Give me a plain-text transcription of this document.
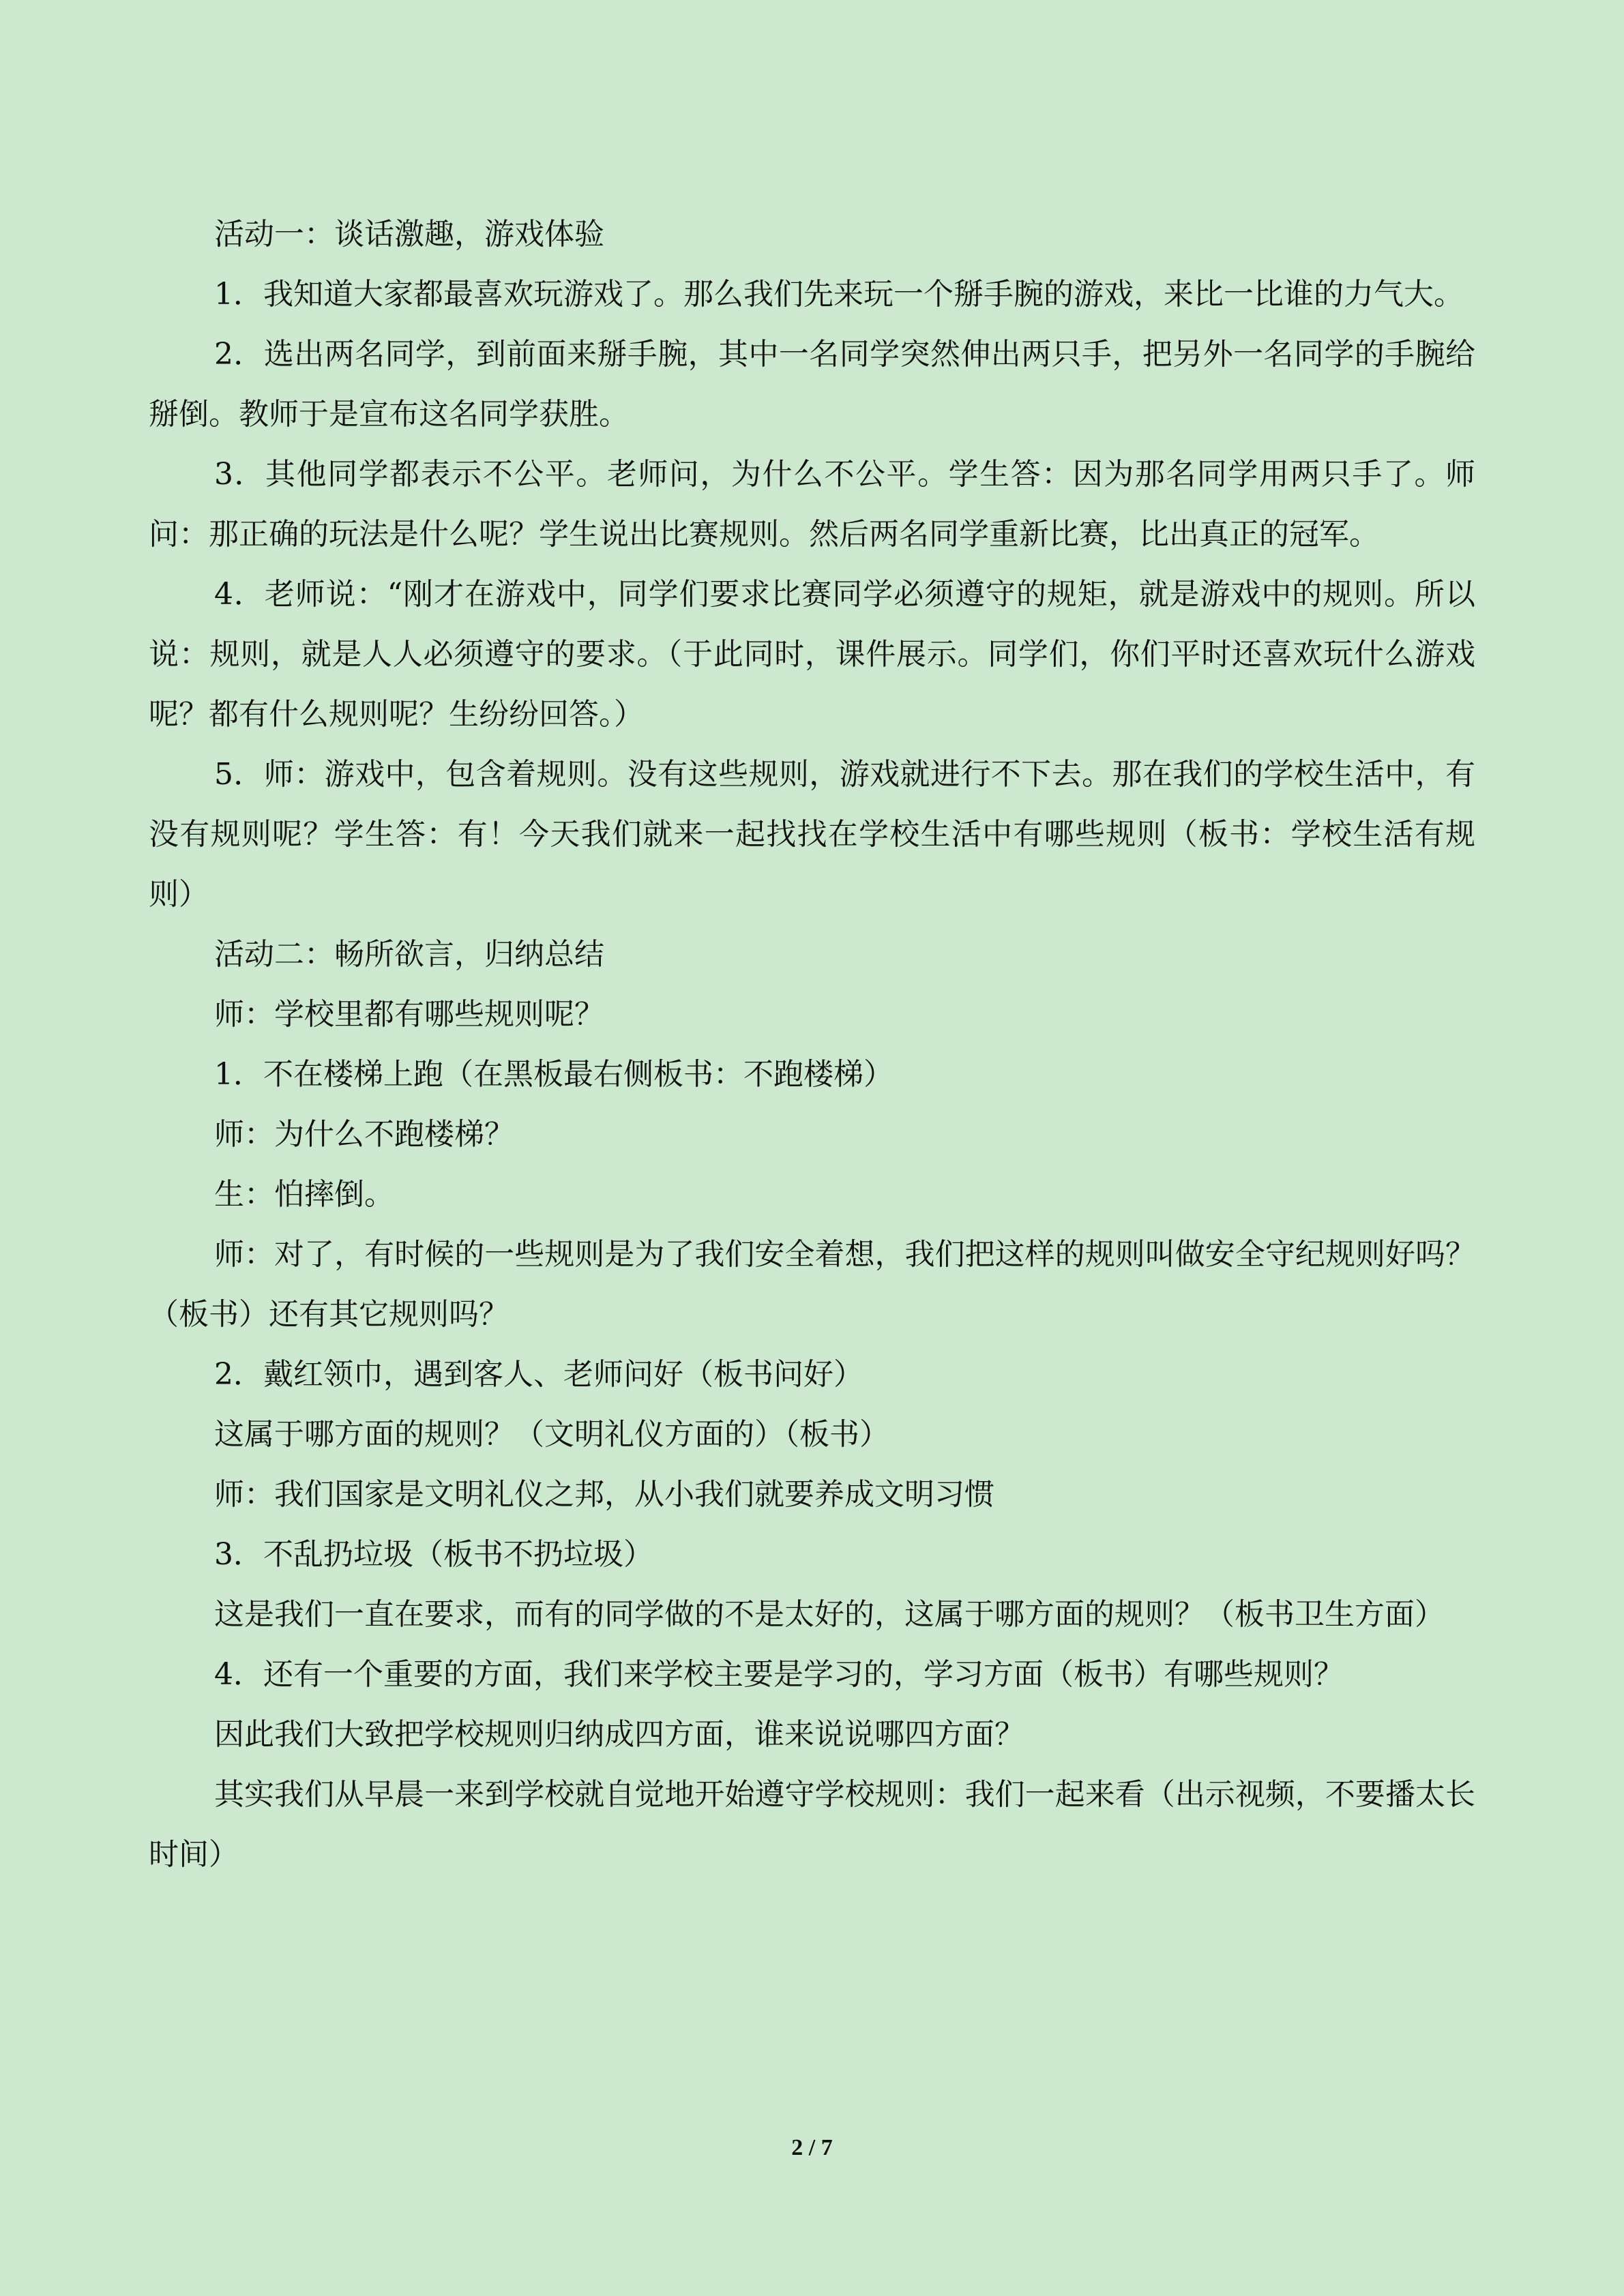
活动一：谈话激趣，游戏体验

1．我知道大家都最喜欢玩游戏了。那么我们先来玩一个掰手腕的游戏，来比一比谁的力气大。

2．选出两名同学，到前面来掰手腕，其中一名同学突然伸出两只手，把另外一名同学的手腕给掰倒。教师于是宣布这名同学获胜。

3．其他同学都表示不公平。老师问，为什么不公平。学生答：因为那名同学用两只手了。师问：那正确的玩法是什么呢？学生说出比赛规则。然后两名同学重新比赛，比出真正的冠军。

4．老师说：“刚才在游戏中，同学们要求比赛同学必须遵守的规矩，就是游戏中的规则。所以说：规则，就是人人必须遵守的要求。（于此同时，课件展示。同学们，你们平时还喜欢玩什么游戏呢？都有什么规则呢？生纷纷回答。）

5．师：游戏中，包含着规则。没有这些规则，游戏就进行不下去。那在我们的学校生活中，有没有规则呢？学生答：有！今天我们就来一起找找在学校生活中有哪些规则（板书：学校生活有规则）

活动二：畅所欲言，归纳总结

师：学校里都有哪些规则呢？

1．不在楼梯上跑（在黑板最右侧板书：不跑楼梯）

师：为什么不跑楼梯？

生：怕摔倒。

师：对了，有时候的一些规则是为了我们安全着想，我们把这样的规则叫做安全守纪规则好吗？（板书）还有其它规则吗？

2．戴红领巾，遇到客人、老师问好（板书问好）

这属于哪方面的规则？（文明礼仪方面的）（板书）

师：我们国家是文明礼仪之邦，从小我们就要养成文明习惯

3．不乱扔垃圾（板书不扔垃圾）

这是我们一直在要求，而有的同学做的不是太好的，这属于哪方面的规则？（板书卫生方面）

4．还有一个重要的方面，我们来学校主要是学习的，学习方面（板书）有哪些规则？

因此我们大致把学校规则归纳成四方面，谁来说说哪四方面？

其实我们从早晨一来到学校就自觉地开始遵守学校规则：我们一起来看（出示视频，不要播太长时间）

2 / 7
